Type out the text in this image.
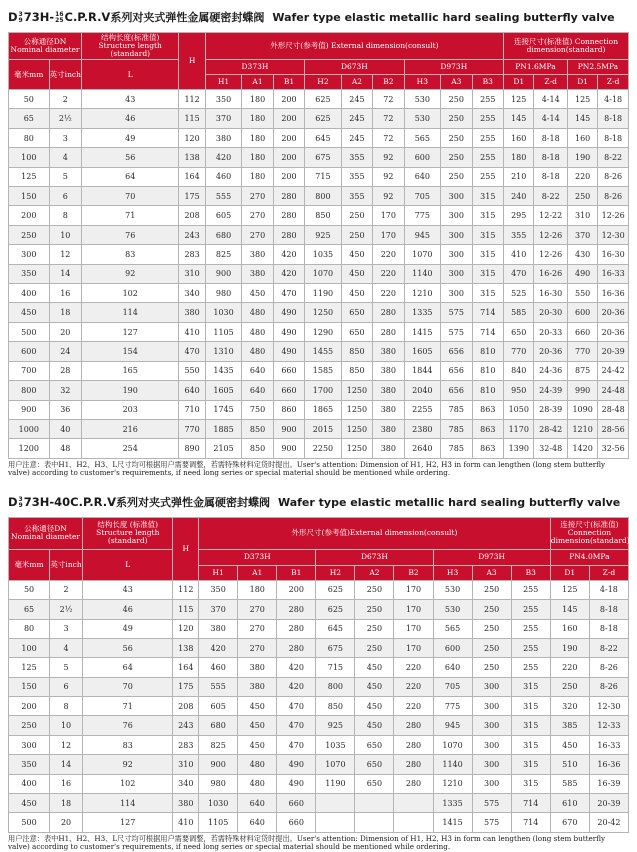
D 3
9 73H- 16
25 C.P.R.V系列对夹式弹性金属硬密封蝶阀 Wafer type elastic metallic hard sealing butterfly valve
公称通径DN Nominal diameter		结构长度(标准值) Structure length (standard)	H	外形尺寸(参考值) External dimension(consult)									连接尺寸(标准值) Connection dimension(standard)			
毫米mm	英寸inch	L		D373H			D673H			D973H			PN1.6MPa		PN2.5MPa	
				H1	A1	B1	H2	A2	B2	H3	A3	B3	D1	Z-d	D1	Z-d
50	2	43	112	350	180	200	625	245	72	530	250	255	125	4-14	125	4-18
65	2½	46	115	370	180	200	625	245	72	530	250	255	145	4-14	145	8-18
80	3	49	120	380	180	200	645	245	72	565	250	255	160	8-18	160	8-18
100	4	56	138	420	180	200	675	355	92	600	250	255	180	8-18	190	8-22
125	5	64	164	460	180	200	715	355	92	640	250	255	210	8-18	220	8-26
150	6	70	175	555	270	280	800	355	92	705	300	315	240	8-22	250	8-26
200	8	71	208	605	270	280	850	250	170	775	300	315	295	12-22	310	12-26
250	10	76	243	680	270	280	925	250	170	945	300	315	355	12-26	370	12-30
300	12	83	283	825	380	420	1035	450	220	1070	300	315	410	12-26	430	16-30
350	14	92	310	900	380	420	1070	450	220	1140	300	315	470	16-26	490	16-33
400	16	102	340	980	450	470	1190	450	220	1210	300	315	525	16-30	550	16-36
450	18	114	380	1030	480	490	1250	650	280	1335	575	714	585	20-30	600	20-36
500	20	127	410	1105	480	490	1290	650	280	1415	575	714	650	20-33	660	20-36
600	24	154	470	1310	480	490	1455	850	380	1605	656	810	770	20-36	770	20-39
700	28	165	550	1435	640	660	1585	850	380	1844	656	810	840	24-36	875	24-42
800	32	190	640	1605	640	660	1700	1250	380	2040	656	810	950	24-39	990	24-48
900	36	203	710	1745	750	860	1865	1250	380	2255	785	863	1050	28-39	1090	28-48
1000	40	216	770	1885	850	900	2015	1250	380	2380	785	863	1170	28-42	1210	28-56
1200	48	254	890	2105	850	900	2250	1250	380	2640	785	863	1390	32-48	1420	32-56
用户注意：表中H1、H2、H3、L尺寸均可根据用户需要调整，若需特殊材料定货时提出。User's attention: Dimension of H1, H2, H3 in form can lengthen (long stem butterfly valve) according to customer's requirements, if need long series or special material should be mentioned while ordering.
D 3
9 73H-40C.P.R.V系列对夹式弹性金属硬密封蝶阀 Wafer type elastic metallic hard sealing butterfly valve
公称通径DN Nominal diameter		结构长度 (标准值) Structure length (standard)	H	外形尺寸(参考值)External dimension(consult)									连接尺寸(标准值) Connection dimension(standard)	
毫米mm	英寸inch	L		D373H			D673H			D973H			PN4.0MPa	
				H1	A1	B1	H2	A2	B2	H3	A3	B3	D1	Z-d
50	2	43	112	350	180	200	625	250	170	530	250	255	125	4-18
65	2½	46	115	370	270	280	625	250	170	530	250	255	145	8-18
80	3	49	120	380	270	280	645	250	170	565	250	255	160	8-18
100	4	56	138	420	270	280	675	250	170	600	250	255	190	8-22
125	5	64	164	460	380	420	715	450	220	640	250	255	220	8-26
150	6	70	175	555	380	420	800	450	220	705	300	315	250	8-26
200	8	71	208	605	450	470	850	450	220	775	300	315	320	12-30
250	10	76	243	680	450	470	925	450	280	945	300	315	385	12-33
300	12	83	283	825	450	470	1035	650	280	1070	300	315	450	16-33
350	14	92	310	900	480	490	1070	650	280	1140	300	315	510	16-36
400	16	102	340	980	480	490	1190	650	280	1210	300	315	585	16-39
450	18	114	380	1030	640	660				1335	575	714	610	20-39
500	20	127	410	1105	640	660				1415	575	714	670	20-42
用户注意：表中H1、H2、H3、L尺寸均可根据用户需要调整，若需特殊材料定货时提出。User's attention: Dimension of H1, H2, H3 in form can lengthen (long stem butterfly valve) according to customer's requirements, if need long series or special material should be mentioned while ordering.
